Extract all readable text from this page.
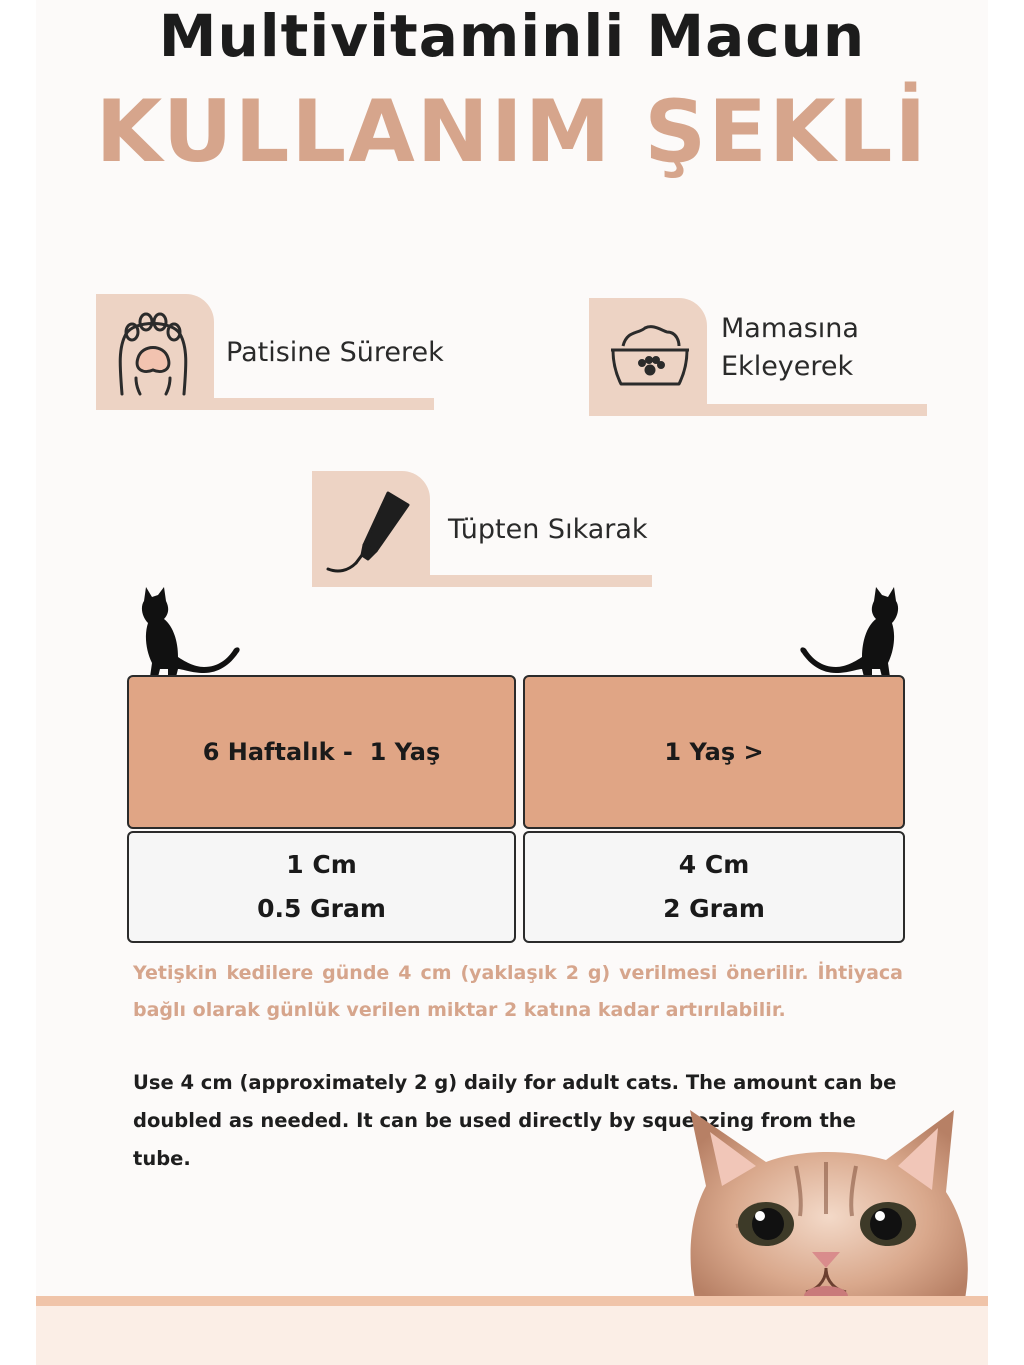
Multivitaminli Macun
KULLANIM ŞEKLİ
Patisine Sürerek
Mamasına
Ekleyerek
Tüpten Sıkarak
6 Haftalık -  1 Yaş	1 Yaş >
1 Cm
0.5 Gram
4 Cm
2 Gram
Yetişkin kedilere günde 4 cm (yaklaşık 2 g) verilmesi önerilir. İhtiyaca bağlı olarak günlük verilen miktar 2 katına kadar artırılabilir.
Use 4 cm (approximately 2 g) daily for adult cats. The amount can be doubled as needed. It can be used directly by squeezing from the tube.
